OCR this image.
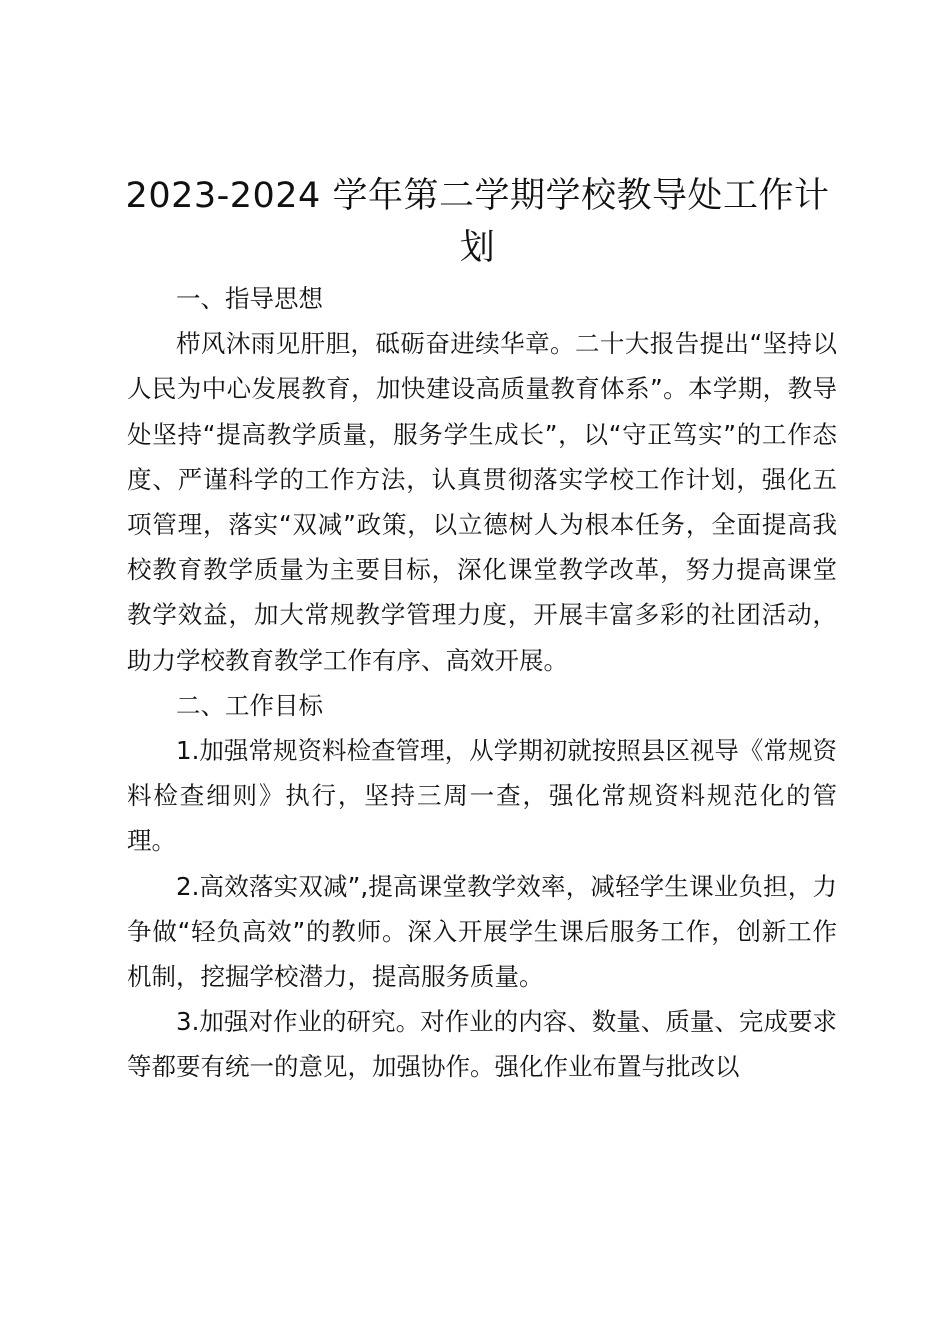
2023-2024 学年第二学期学校教导处工作计划

一、指导思想

栉风沐雨见肝胆，砥砺奋进续华章。二十大报告提出“坚持以人民为中心发展教育，加快建设高质量教育体系”。本学期，教导处坚持“提高教学质量，服务学生成长”，以“守正笃实”的工作态度、严谨科学的工作方法，认真贯彻落实学校工作计划，强化五项管理，落实“双减”政策，以立德树人为根本任务，全面提高我校教育教学质量为主要目标，深化课堂教学改革，努力提高课堂教学效益，加大常规教学管理力度，开展丰富多彩的社团活动，助力学校教育教学工作有序、高效开展。

二、工作目标

1.加强常规资料检查管理，从学期初就按照县区视导《常规资料检查细则》执行，坚持三周一查，强化常规资料规范化的管理。

2.高效落实双减”,提高课堂教学效率，减轻学生课业负担，力争做“轻负高效”的教师。深入开展学生课后服务工作，创新工作机制，挖掘学校潜力，提高服务质量。

3.加强对作业的研究。对作业的内容、数量、质量、完成要求等都要有统一的意见，加强协作。强化作业布置与批改以
